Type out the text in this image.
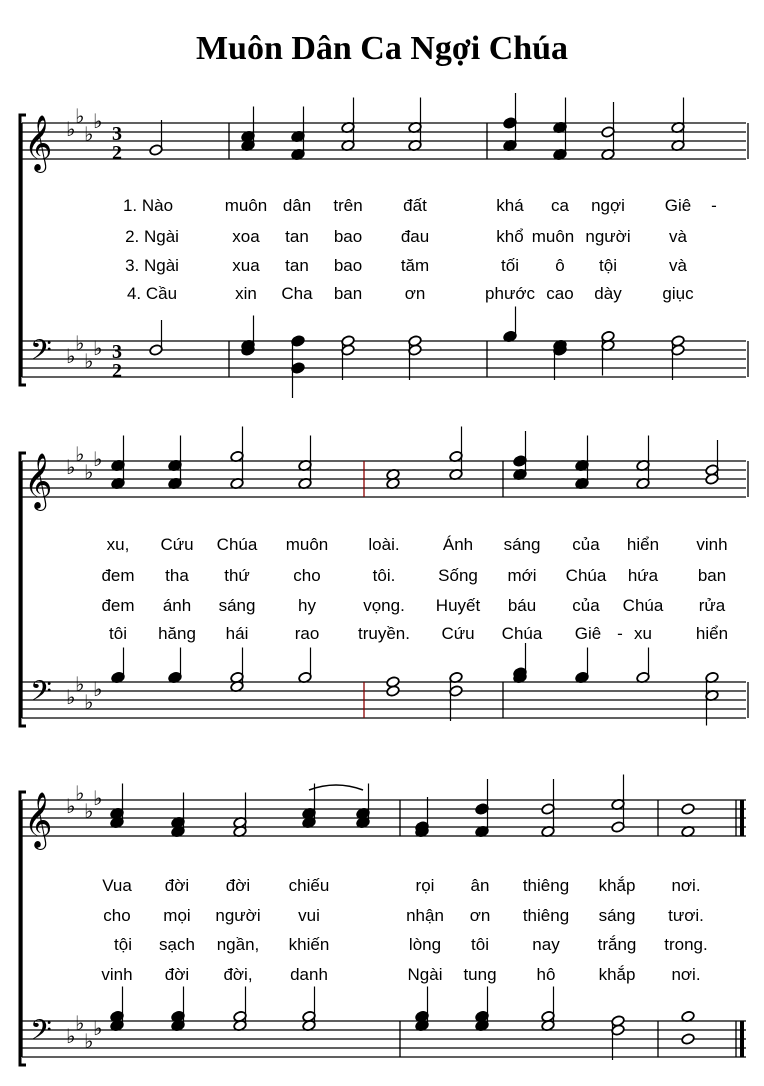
Muôn Dân Ca Ngợi Chúa
𝄞
𝄢
♭
♭
♭
♭
♭
♭
♭
♭
3
2
3
2
𝄞
𝄢
♭
♭
♭
♭
♭
♭
♭
♭
𝄞
𝄢
♭
♭
♭
♭
♭
♭
♭
♭
1. Nào	muôn dân trên đất	khá ca ngợi Giê -
2. Ngài	xoa tan bao đau	khổ muôn người và
3. Ngài	xua tan bao tăm	tối ô tội	và
4. Cầu	xin Cha ban	ơn	phước cao dày giục
xu, Cứu Chúa muôn loài.	Ánh sáng của hiển vinh
đem tha thứ	cho	tôi.	Sống mới Chúa hứa ban
đem ánh sáng	hy	vọng. Huyết báu của Chúa rửa
tôi hăng hái	rao truyền. Cứu Chúa Giê - xu	hiển
Vua đời đời chiếu	rọi ân thiêng khắp nơi.
cho mọi người vui	nhận ơn thiêng sáng tươi.
tội sạch ngần, khiến	lòng tôi	nay trắng trong.
vinh đời đời, danh	Ngài tung hô	khắp nơi.
